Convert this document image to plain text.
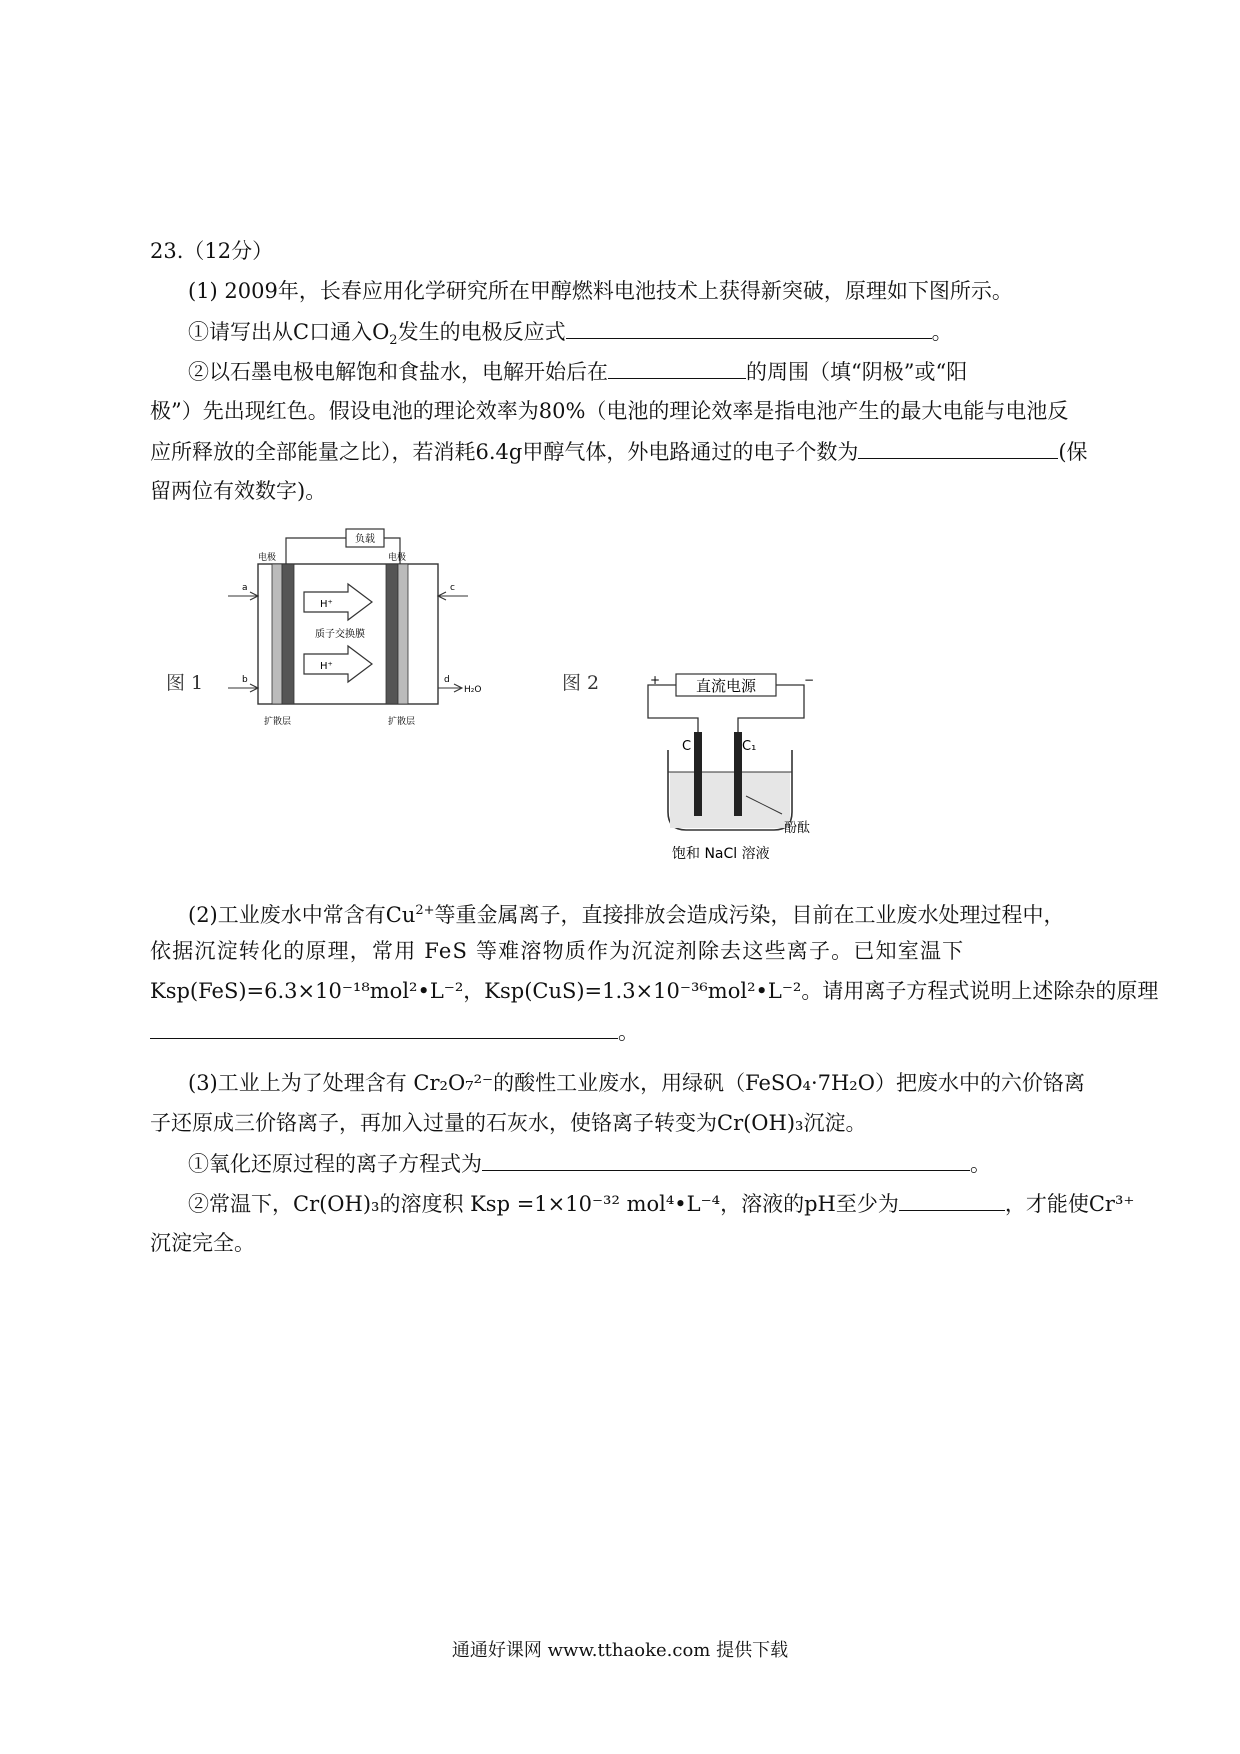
23.（12分）
(1) 2009年，长春应用化学研究所在甲醇燃料电池技术上获得新突破，原理如下图所示。
①请写出从C口通入$O_2$发生的电极反应式	。
②以石墨电极电解饱和食盐水，电解开始后在	的周围（填“阴极”或“阳
极”）先出现红色。假设电池的理论效率为80%（电池的理论效率是指电池产生的最大电能与电池反
应所释放的全部能量之比），若消耗6.4g甲醇气体，外电路通过的电子个数为	(保
留两位有效数字)。
图 1
负载
H⁺
H⁺
质子交换膜
电极	电极
a
b
c
d
H₂O
扩散层	扩散层
图 2	+	−
直流电源
C	C₁
酚酞
饱和 NaCl 溶液
(2)工业废水中常含有$Cu^{2+}$等重金属离子，直接排放会造成污染，目前在工业废水处理过程中，
依据沉淀转化的原理，常用 FeS 等难溶物质作为沉淀剂除去这些离子。已知室温下
Ksp(FeS)=6.3×10⁻¹⁸mol²•L⁻²，Ksp(CuS)=1.3×10⁻³⁶mol²•L⁻²。请用离子方程式说明上述除杂的原理
。
(3)工业上为了处理含有 Cr₂O₇²⁻的酸性工业废水，用绿矾（FeSO₄·7H₂O）把废水中的六价铬离
子还原成三价铬离子，再加入过量的石灰水，使铬离子转变为Cr(OH)₃沉淀。
①氧化还原过程的离子方程式为	。
②常温下，Cr(OH)₃的溶度积 Ksp =1×10⁻³² mol⁴•L⁻⁴，溶液的pH至少为	，才能使Cr³⁺
沉淀完全。
通通好课网 www.tthaoke.com 提供下载
